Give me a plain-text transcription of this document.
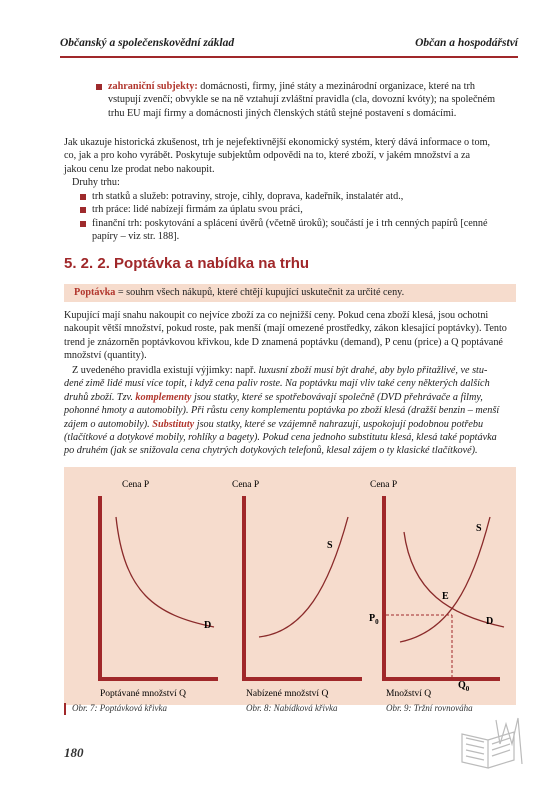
Občanský a společenskovědní základ	Občan a hospodářství
zahraniční subjekty: domácnosti, firmy, jiné státy a mezinárodní organizace, které na trh
vstupují zvenčí; obvykle se na ně vztahují zvláštní pravidla (cla, dovozní kvóty); na společném
trhu EU mají firmy a domácnosti jiných členských států stejné postavení s domácími.
Jak ukazuje historická zkušenost, trh je nejefektivnější ekonomický systém, který dává informace o tom,
co, jak a pro koho vyrábět. Poskytuje subjektům odpovědi na to, které zboží, v jakém množství a za
jakou cenu lze prodat nebo nakoupit.
Druhy trhu:
trh statků a služeb: potraviny, stroje, cihly, doprava, kadeřník, instalatér atd.,
trh práce: lidé nabízejí firmám za úplatu svou práci,
finanční trh: poskytování a splácení úvěrů (včetně úroků); součástí je i trh cenných papírů [cenné
papíry – viz str. 188].
5. 2. 2. Poptávka a nabídka na trhu
Poptávka = souhrn všech nákupů, které chtějí kupující uskutečnit za určité ceny.
Kupující mají snahu nakoupit co nejvíce zboží za co nejnižší ceny. Pokud cena zboží klesá, jsou ochotni
nakoupit větší množství, pokud roste, pak menší (mají omezené prostředky, zákon klesající poptávky). Tento
trend je znázorněn poptávkovou křivkou, kde D znamená poptávku (demand), P cenu (price) a Q poptávané
množství (quantity).
Z uvedeného pravidla existují výjimky: např. luxusní zboží musí být drahé, aby bylo přitažlivé, ve stu-
dené zimě lidé musí více topit, i když cena paliv roste. Na poptávku mají vliv také ceny některých dalších
druhů zboží. Tzv. komplementy jsou statky, které se spotřebovávají společně (DVD přehrávače a filmy,
pohonné hmoty a automobily). Při růstu ceny komplementu poptávka po zboží klesá (dražší benzin – menší
zájem o automobily). Substituty jsou statky, které se vzájemně nahrazují, uspokojují podobnou potřebu
(tlačítkové a dotykové mobily, rohlíky a bagety). Pokud cena jednoho substitutu klesá, klesá také poptávka
po druhém (jak se snižovala cena chytrých dotykových telefonů, klesal zájem o ty klasické tlačítkové).
Cena P
Poptávané množství Q
D
Cena P
Nabízené množství Q
S
Cena P
Množství Q
S
D
E
$P_0$
$Q_0$
Obr. 7: Poptávková křivka	Obr. 8: Nabídková křivka	Obr. 9: Tržní rovnováha
180
